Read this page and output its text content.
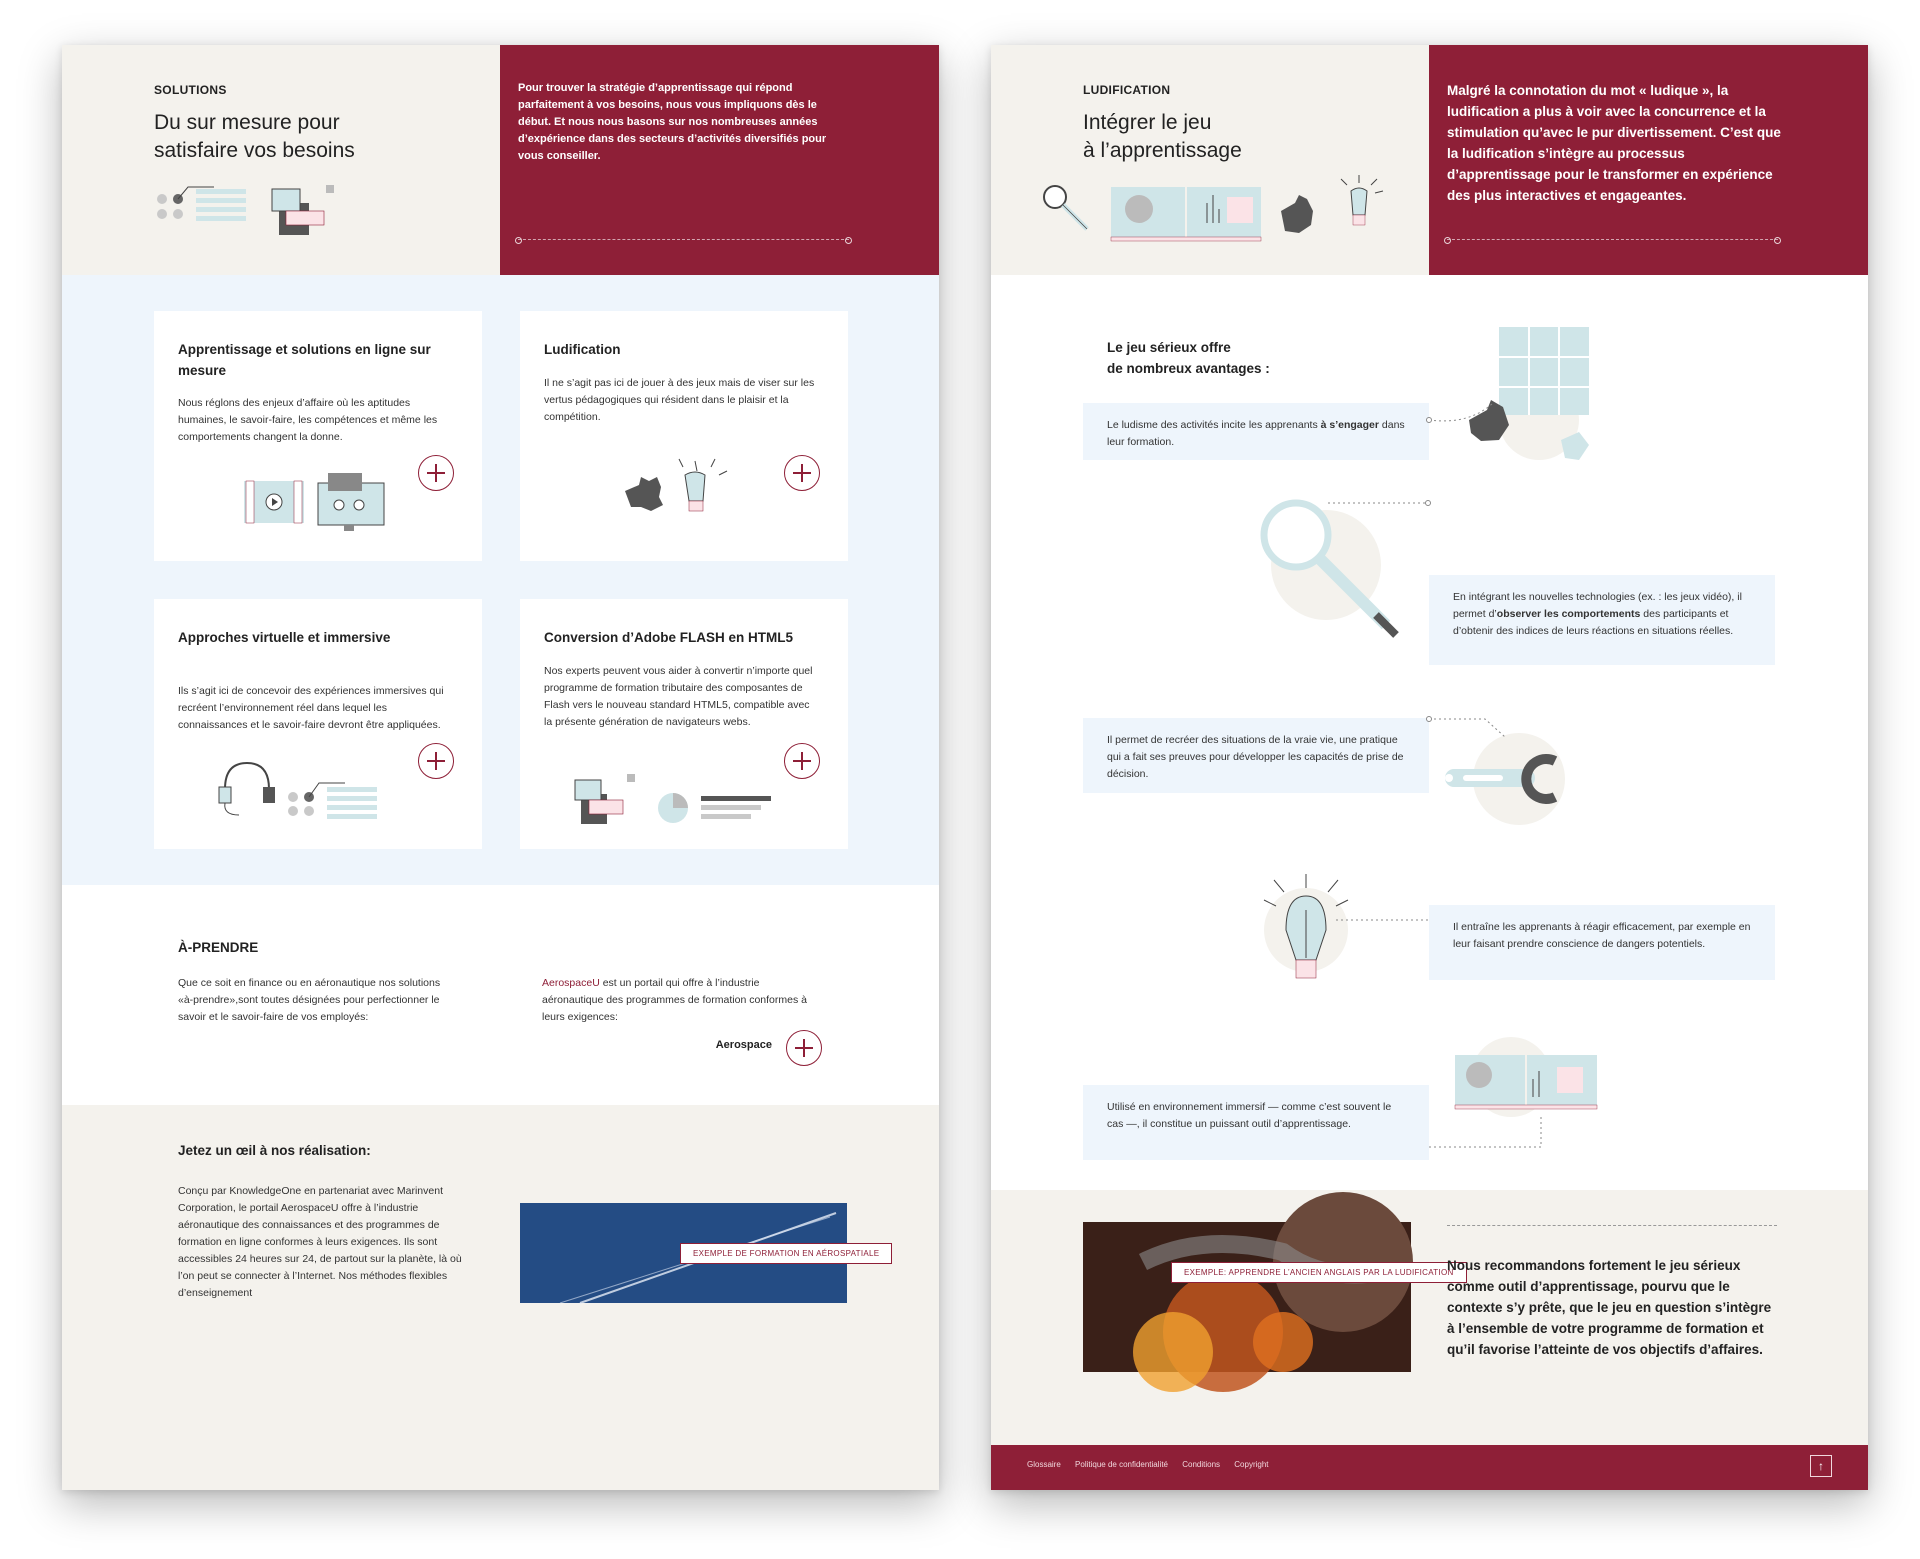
SOLUTIONS
Du sur mesure pour
satisfaire vos besoins
Pour trouver la stratégie d’apprentissage qui répond parfaitement à vos besoins, nous vous impliquons dès le début. Et nous nous basons sur nos nombreuses années d’expérience dans des secteurs d’activités diversifiés pour vous conseiller.
Apprentissage et solutions en ligne sur mesure

Nous réglons des enjeux d’affaire où les aptitudes humaines, le savoir-faire, les compétences et même les comportements changent la donne.

Ludification

Il ne s’agit pas ici de jouer à des jeux mais de viser sur les vertus pédagogiques qui résident dans le plaisir et la compétition.

Approches virtuelle et immersive

Ils s’agit ici de concevoir des expériences immersives qui recréent l’environnement réel dans lequel les connaissances et le savoir-faire devront être appliquées.

Conversion d’Adobe FLASH en HTML5

Nos experts peuvent vous aider à convertir n’importe quel programme de formation tributaire des composantes de Flash vers le nouveau standard HTML5, compatible avec la présente génération de navigateurs webs.

À-PRENDRE
Que ce soit en finance ou en aéronautique nos solutions «à-prendre»,sont toutes désignées pour perfectionner le savoir et le savoir-faire de vos employés:
AerospaceU est un portail qui offre à l’industrie aéronautique des programmes de formation conformes à leurs exigences:
Aerospace
Jetez un œil à nos réalisation:
Conçu par KnowledgeOne en partenariat avec Marinvent Corporation, le portail AerospaceU offre à l’industrie aéronautique des connaissances et des programmes de formation en ligne conformes à leurs exigences. Ils sont accessibles 24 heures sur 24, de partout sur la planète, là où l’on peut se connecter à l’Internet. Nos méthodes flexibles d’enseignement
EXEMPLE DE FORMATION EN AÉROSPATIALE
LUDIFICATION
Intégrer le jeu
à l’apprentissage
Malgré la connotation du mot « ludique », la ludification a plus à voir avec la concurrence et la stimulation qu’avec le pur divertissement. C’est que la ludification s’intègre au processus d’apprentissage pour le transformer en expérience des plus interactives et engageantes.
Le jeu sérieux offre
de nombreux avantages :
Le ludisme des activités incite les apprenants à s’engager dans leur formation.
En intégrant les nouvelles technologies (ex. : les jeux vidéo), il permet d’observer les comportements des participants et d’obtenir des indices de leurs réactions en situations réelles.
Il permet de recréer des situations de la vraie vie, une pratique qui a fait ses preuves pour développer les capacités de prise de décision.
Il entraîne les apprenants à réagir efficacement, par exemple en leur faisant prendre conscience de dangers potentiels.
Utilisé en environnement immersif — comme c’est souvent le cas —, il constitue un puissant outil d’apprentissage.
EXEMPLE: APPRENDRE L’ANCIEN ANGLAIS PAR LA LUDIFICATION
Nous recommandons fortement le jeu sérieux comme outil d’apprentissage, pourvu que le contexte s’y prête, que le jeu en question s’intègre à l’ensemble de votre programme de formation et qu’il favorise l’atteinte de vos objectifs d’affaires.
Glossaire Politique de confidentialité Conditions Copyright	↑
